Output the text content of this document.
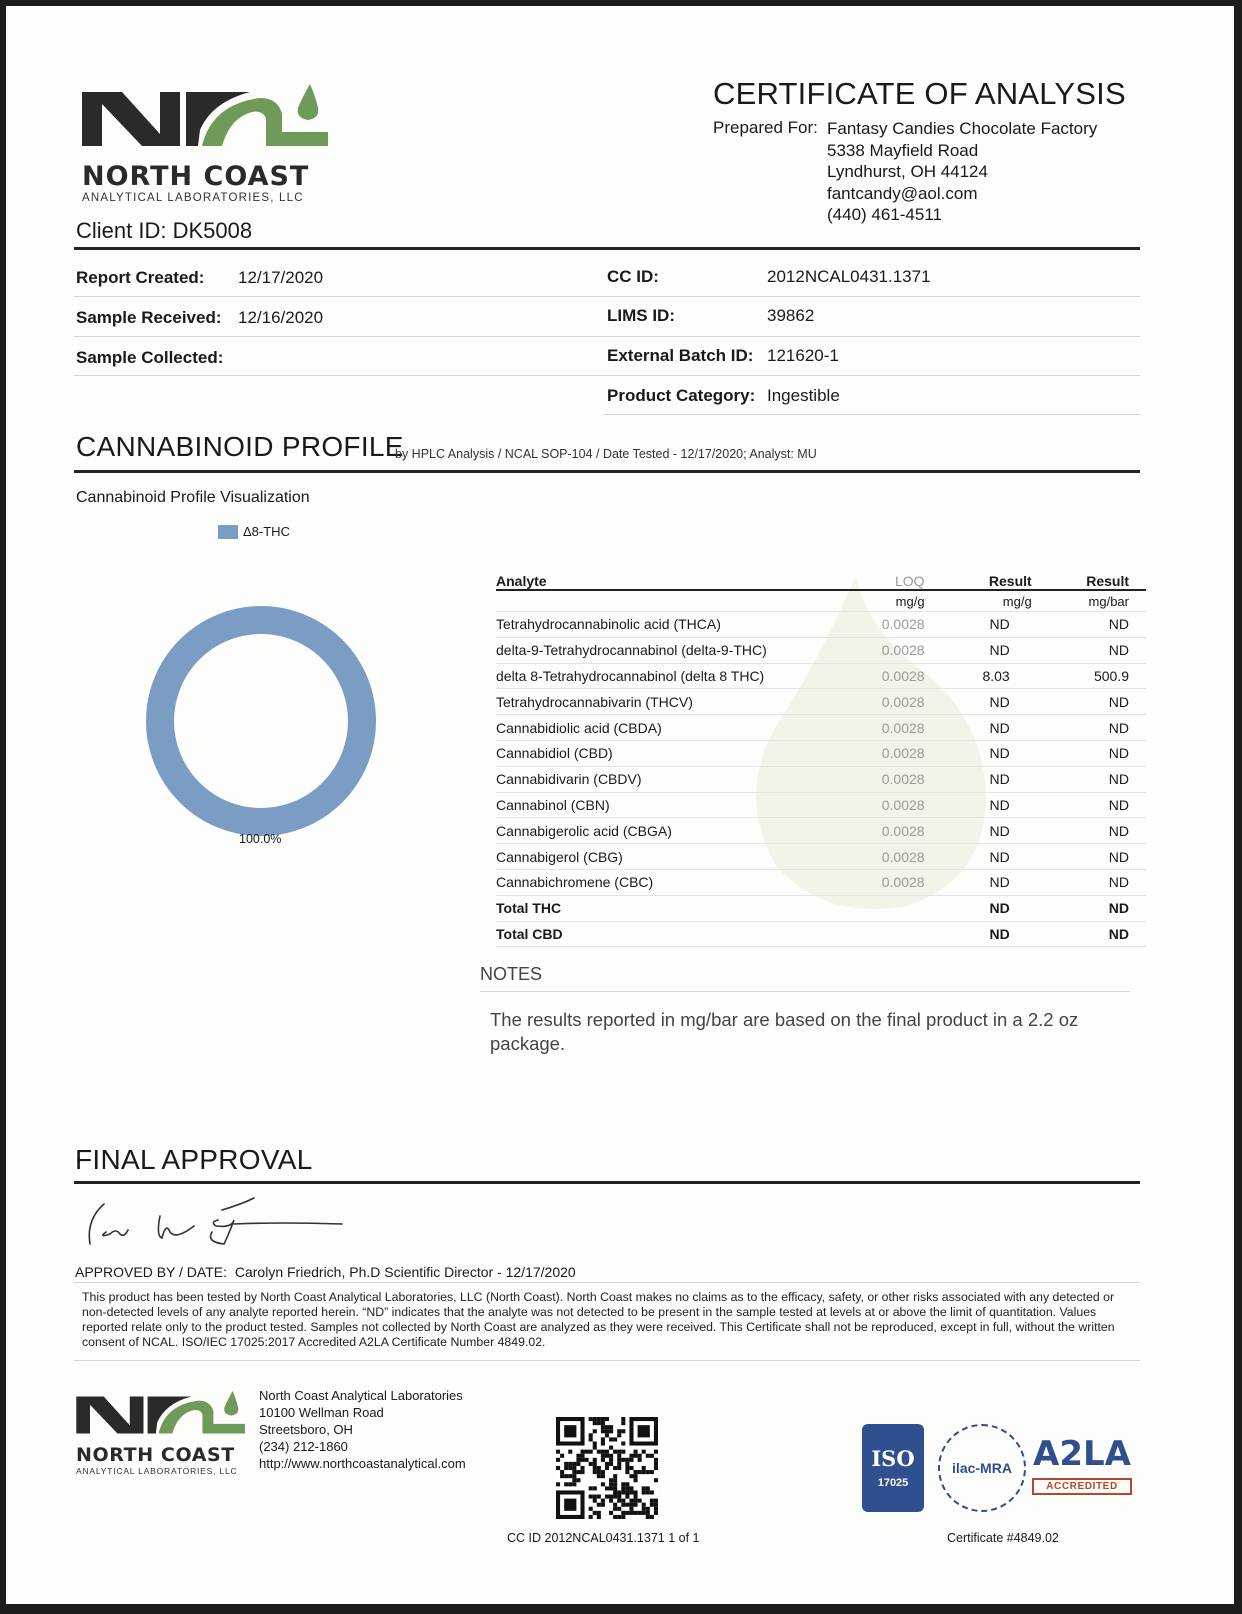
NORTH COAST
ANALYTICAL LABORATORIES, LLC
Client ID: DK5008
CERTIFICATE OF ANALYSIS
Prepared For: Fantasy Candies Chocolate Factory
5338 Mayfield Road
Lyndhurst, OH 44124
fantcandy@aol.com
(440) 461-4511
Report Created: 12/17/2020
Sample Received: 12/16/2020
Sample Collected:
CC ID:	2012NCAL0431.1371
LIMS ID:	39862
External Batch ID: 121620-1
Product Category: Ingestible
CANNABINOID PROFILE
by HPLC Analysis / NCAL SOP-104 / Date Tested - 12/17/2020; Analyst: MU
Cannabinoid Profile Visualization
Δ8-THC
100.0%
Analyte	LOQ	Result	Result
	mg/g	mg/g	mg/bar
Tetrahydrocannabinolic acid (THCA)	0.0028	ND	ND
delta-9-Tetrahydrocannabinol (delta-9-THC)	0.0028	ND	ND
delta 8-Tetrahydrocannabinol (delta 8 THC)	0.0028	8.03	500.9
Tetrahydrocannabivarin (THCV)	0.0028	ND	ND
Cannabidiolic acid (CBDA)	0.0028	ND	ND
Cannabidiol (CBD)	0.0028	ND	ND
Cannabidivarin (CBDV)	0.0028	ND	ND
Cannabinol (CBN)	0.0028	ND	ND
Cannabigerolic acid (CBGA)	0.0028	ND	ND
Cannabigerol (CBG)	0.0028	ND	ND
Cannabichromene (CBC)	0.0028	ND	ND
Total THC		ND	ND
Total CBD		ND	ND
NOTES
The results reported in mg/bar are based on the final product in a 2.2 oz package.
FINAL APPROVAL
APPROVED BY / DATE: Carolyn Friedrich, Ph.D Scientific Director - 12/17/2020
This product has been tested by North Coast Analytical Laboratories, LLC (North Coast). North Coast makes no claims as to the efficacy, safety, or other risks associated with any detected or non-detected levels of any analyte reported herein. “ND” indicates that the analyte was not detected to be present in the sample tested at levels at or above the limit of quantitation. Values reported relate only to the product tested. Samples not collected by North Coast are analyzed as they were received. This Certificate shall not be reproduced, except in full, without the written consent of NCAL. ISO/IEC 17025:2017 Accredited A2LA Certificate Number 4849.02.
NORTH COAST
ANALYTICAL LABORATORIES, LLC
North Coast Analytical Laboratories
10100 Wellman Road
Streetsboro, OH
(234) 212-1860
http://www.northcoastanalytical.com
CC ID 2012NCAL0431.1371 1 of 1
ISO
17025
ilac-MRA A2LA
ACCREDITED
Certificate #4849.02
